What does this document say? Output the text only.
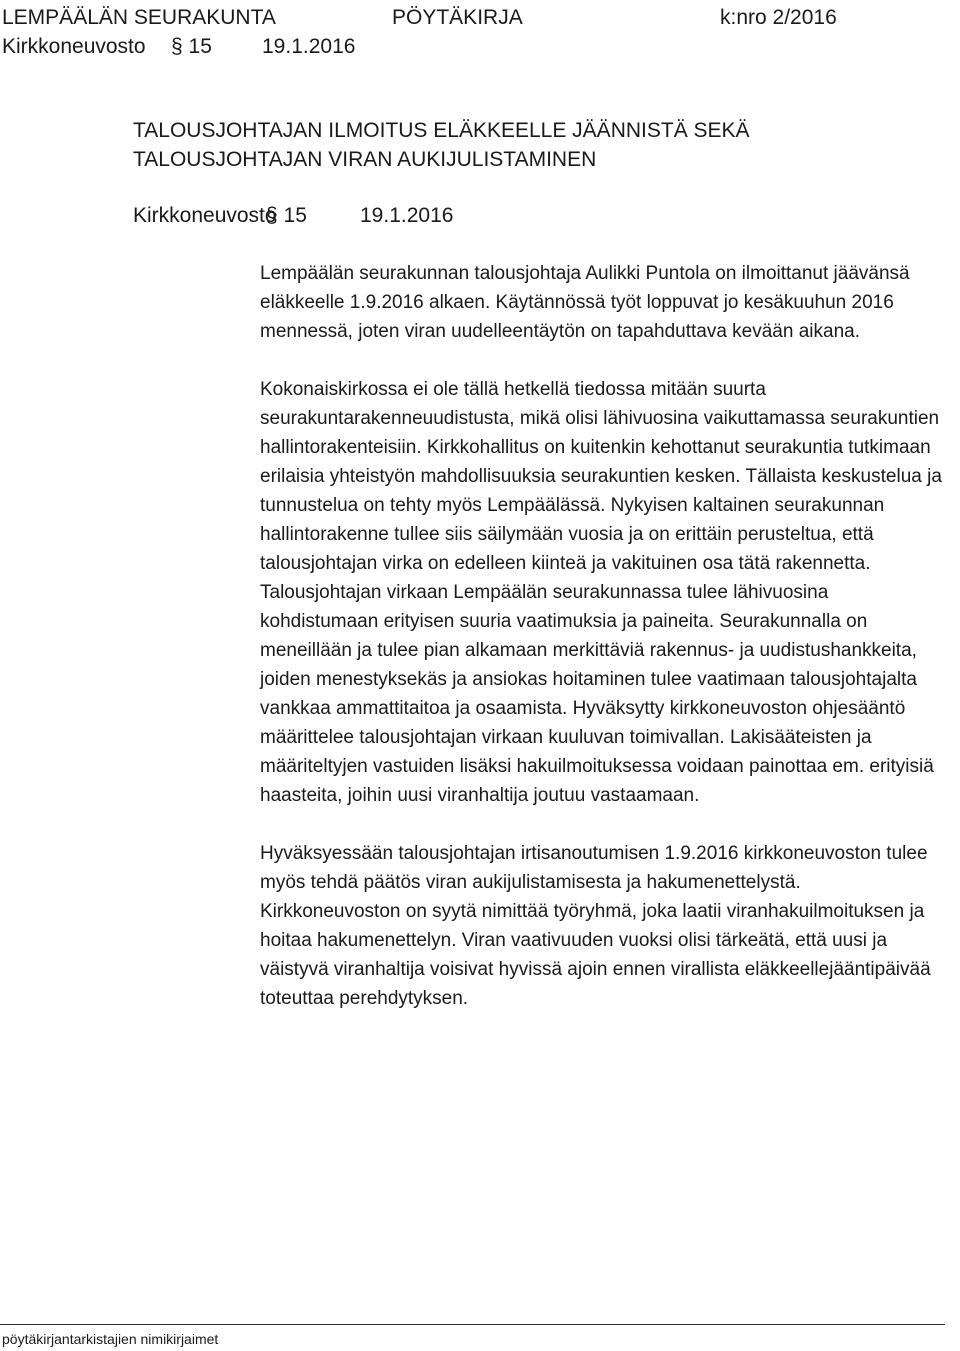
LEMPÄÄLÄN SEURAKUNTA	PÖYTÄKIRJA	k:nro 2/2016
Kirkkoneuvosto § 15 19.1.2016
TALOUSJOHTAJAN ILMOITUS ELÄKKEELLE JÄÄNNISTÄ SEKÄ
TALOUSJOHTAJAN VIRAN AUKIJULISTAMINEN
Kirkkoneuvosto
§ 15	19.1.2016

Lempäälän seurakunnan talousjohtaja Aulikki Puntola on ilmoittanut jäävänsä eläkkeelle 1.9.2016 alkaen. Käytännössä työt loppuvat jo kesäkuuhun 2016 mennessä, joten viran uudelleentäytön on tapahduttava kevään aikana.

Kokonaiskirkossa ei ole tällä hetkellä tiedossa mitään suurta seurakuntarakenneuudistusta, mikä olisi lähivuosina vaikuttamassa seurakuntien hallintorakenteisiin. Kirkkohallitus on kuitenkin kehottanut seurakuntia tutkimaan erilaisia yhteistyön mahdollisuuksia seurakuntien kesken. Tällaista keskustelua ja tunnustelua on tehty myös Lempäälässä. Nykyisen kaltainen seurakunnan hallintorakenne tullee siis säilymään vuosia ja on erittäin perusteltua, että talousjohtajan virka on edelleen kiinteä ja vakituinen osa tätä rakennetta. Talousjohtajan virkaan Lempäälän seurakunnassa tulee lähivuosina kohdistumaan erityisen suuria vaatimuksia ja paineita. Seurakunnalla on meneillään ja tulee pian alkamaan merkittäviä rakennus- ja uudistushankkeita, joiden menestyksekäs ja ansiokas hoitaminen tulee vaatimaan talousjohtajalta vankkaa ammattitaitoa ja osaamista. Hyväksytty kirkkoneuvoston ohjesääntö määrittelee talousjohtajan virkaan kuuluvan toimivallan. Lakisääteisten ja määriteltyjen vastuiden lisäksi hakuilmoituksessa voidaan painottaa em. erityisiä haasteita, joihin uusi viranhaltija joutuu vastaamaan.

Hyväksyessään talousjohtajan irtisanoutumisen 1.9.2016 kirkkoneuvoston tulee myös tehdä päätös viran aukijulistamisesta ja hakumenettelystä. Kirkkoneuvoston on syytä nimittää työryhmä, joka laatii viranhakuilmoituksen ja hoitaa hakumenettelyn. Viran vaativuuden vuoksi olisi tärkeätä, että uusi ja väistyvä viranhaltija voisivat hyvissä ajoin ennen virallista eläkkeellejääntipäivää toteuttaa perehdytyksen.

pöytäkirjantarkistajien nimikirjaimet
